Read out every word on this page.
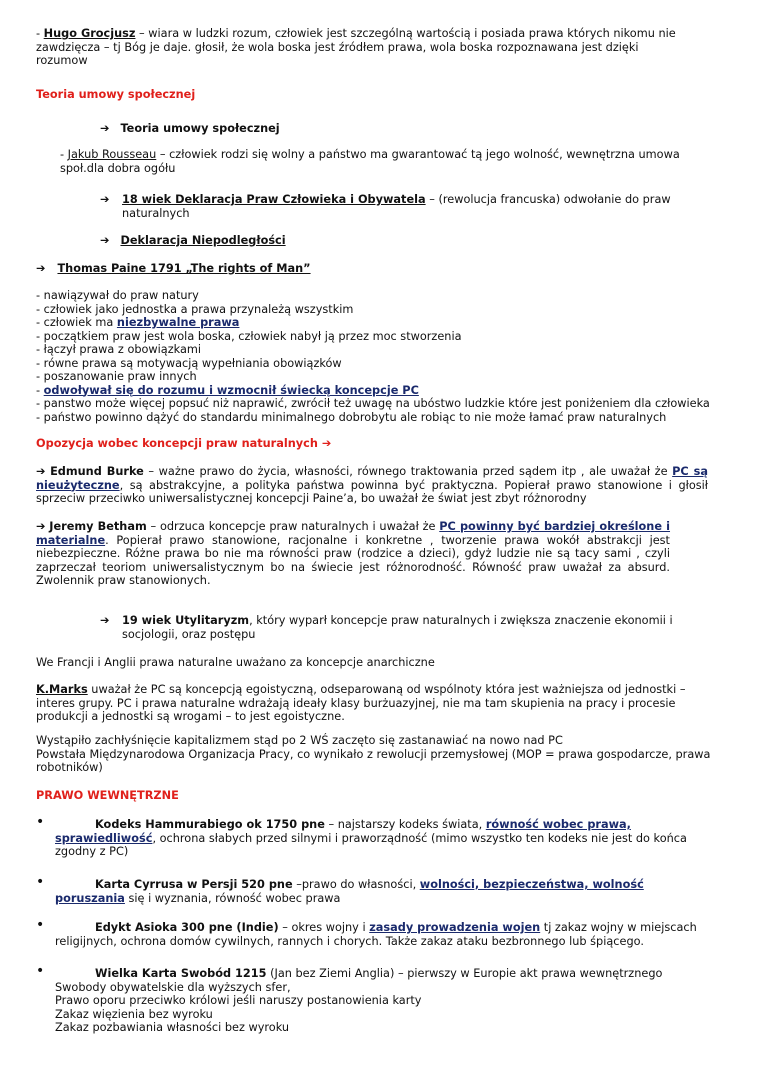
- Hugo Grocjusz – wiara w ludzki rozum, człowiek jest szczególną wartością i posiada prawa których nikomu nie zawdzięcza – tj Bóg je daje. głosił, że wola boska jest źródłem prawa, wola boska rozpoznawana jest dzięki rozumow

Teoria umowy społecznej
➔ Teoria umowy społecznej

- Jakub Rousseau – człowiek rodzi się wolny a państwo ma gwarantować tą jego wolność, wewnętrzna umowa społ.dla dobra ogółu

➔ 18 wiek Deklaracja Praw Człowieka i Obywatela – (rewolucja francuska) odwołanie do praw naturalnych

➔ Deklaracja Niepodległości
➔ Thomas Paine 1791 „The rights of Man”
- nawiązywał do praw natury
- człowiek jako jednostka a prawa przynależą wszystkim
- człowiek ma niezbywalne prawa
- początkiem praw jest wola boska, człowiek nabył ją przez moc stworzenia
- łączył prawa z obowiązkami
- równe prawa są motywacją wypełniania obowiązków
- poszanowanie praw innych
- odwoływał się do rozumu i wzmocnił świecką koncepcje PC
- panstwo może więcej popsuć niż naprawić, zwrócił też uwagę na ubóstwo ludzkie które jest poniżeniem dla człowieka
- państwo powinno dążyć do standardu minimalnego dobrobytu ale robiąc to nie może łamać praw naturalnych
Opozycja wobec koncepcji praw naturalnych ➔

➔ Edmund Burke – ważne prawo do życia, własności, równego traktowania przed sądem itp , ale uważał że PC są nieużyteczne, są abstrakcyjne, a polityka państwa powinna być praktyczna. Popierał prawo stanowione i głosił sprzeciw przeciwko uniwersalistycznej koncepcji Paine’a, bo uważał że świat jest zbyt różnorodny

➔ Jeremy Betham – odrzuca koncepcje praw naturalnych i uważał że PC powinny być bardziej określone i materialne. Popierał prawo stanowione, racjonalne i konkretne , tworzenie prawa wokół abstrakcji jest niebezpieczne. Różne prawa bo nie ma równości praw (rodzice a dzieci), gdyż ludzie nie są tacy sami , czyli zaprzeczał teoriom uniwersalistycznym bo na świecie jest różnorodność. Równość praw uważał za absurd. Zwolennik praw stanowionych.

➔ 19 wiek Utylitaryzm, który wyparł koncepcje praw naturalnych i zwiększa znaczenie ekonomii i socjologii, oraz postępu

We Francji i Anglii prawa naturalne uważano za koncepcje anarchiczne

K.Marks uważał że PC są koncepcją egoistyczną, odseparowaną od wspólnoty która jest ważniejsza od jednostki – interes grupy. PC i prawa naturalne wdrażają ideały klasy burżuazyjnej, nie ma tam skupienia na pracy i procesie produkcji a jednostki są wrogami – to jest egoistyczne.

Wystąpiło zachłyśnięcie kapitalizmem stąd po 2 WŚ zaczęto się zastanawiać na nowo nad PC
Powstała Międzynarodowa Organizacja Pracy, co wynikało z rewolucji przemysłowej (MOP = prawa gospodarcze, prawa robotników)
PRAWO WEWNĘTRZNE
•	Kodeks Hammurabiego ok 1750 pne – najstarszy kodeks świata, równość wobec prawa, sprawiedliwość, ochrona słabych przed silnymi i praworządność (mimo wszystko ten kodeks nie jest do końca zgodny z PC)

•	Karta Cyrrusa w Persji 520 pne –prawo do własności, wolności, bezpieczeństwa, wolność poruszania się i wyznania, równość wobec prawa

•	Edykt Asioka 300 pne (Indie) – okres wojny i zasady prowadzenia wojen tj zakaz wojny w miejscach religijnych, ochrona domów cywilnych, rannych i chorych. Także zakaz ataku bezbronnego lub śpiącego.

•	Wielka Karta Swobód 1215 (Jan bez Ziemi Anglia) – pierwszy w Europie akt prawa wewnętrznego
Swobody obywatelskie dla wyższych sfer,
Prawo oporu przeciwko królowi jeśli naruszy postanowienia karty
Zakaz więzienia bez wyroku
Zakaz pozbawiania własności bez wyroku
